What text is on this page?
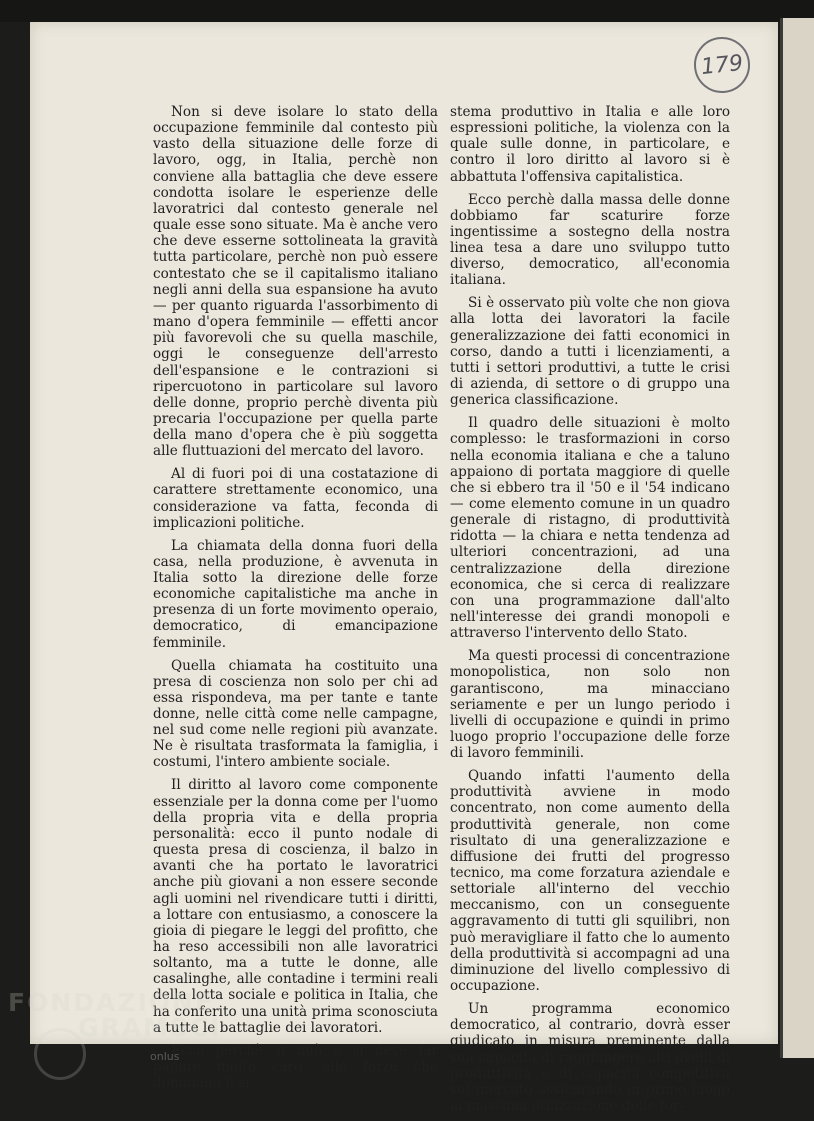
179

Non si deve isolare lo stato della occupazione femminile dal contesto più vasto della situazione delle forze di lavoro, ogg, in Italia, perchè non conviene alla battaglia che deve essere condotta isolare le esperienze delle lavoratrici dal contesto generale nel quale esse sono situate. Ma è anche vero che deve esserne sottolineata la gravità tutta particolare, perchè non può essere contestato che se il capitalismo italiano negli anni della sua espansione ha avuto — per quanto riguarda l'assorbimento di mano d'opera femminile — effetti ancor più favorevoli che su quella maschile, oggi le conseguenze dell'arresto dell'espansione e le contrazioni si ripercuotono in particolare sul lavoro delle donne, proprio perchè diventa più precaria l'occupazione per quella parte della mano d'opera che è più soggetta alle fluttuazioni del mercato del lavoro.

Al di fuori poi di una costatazione di carattere strettamente economico, una considerazione va fatta, feconda di implicazioni politiche.

La chiamata della donna fuori della casa, nella produzione, è avvenuta in Italia sotto la direzione delle forze economiche capitalistiche ma anche in presenza di un forte movimento operaio, democratico, di emancipazione femminile.

Quella chiamata ha costituito una presa di coscienza non solo per chi ad essa rispondeva, ma per tante e tante donne, nelle città come nelle campagne, nel sud come nelle regioni più avanzate. Ne è risultata trasformata la famiglia, i costumi, l'intero ambiente sociale.

Il diritto al lavoro come componente essenziale per la donna come per l'uomo della propria vita e della propria personalità: ecco il punto nodale di questa presa di coscienza, il balzo in avanti che ha portato le lavoratrici anche più giovani a non essere seconde agli uomini nel rivendicare tutti i diritti, a lottare con entusiasmo, a conoscere la gioia di piegare le leggi del profitto, che ha reso accessibili non alle lavoratrici soltanto, ma a tutte le donne, alle casalinghe, alle contadine i termini reali della lotta sociale e politica in Italia, che ha conferito una unità prima sconosciuta a tutte le battaglie dei lavoratori.

Ecco perchè si può e si deve far pagare molto caro, alle forze che dominano il si-

stema produttivo in Italia e alle loro espressioni politiche, la violenza con la quale sulle donne, in particolare, e contro il loro diritto al lavoro si è abbattuta l'offensiva capitalistica.

Ecco perchè dalla massa delle donne dobbiamo far scaturire forze ingentissime a sostegno della nostra linea tesa a dare uno sviluppo tutto diverso, democratico, all'economia italiana.

Si è osservato più volte che non giova alla lotta dei lavoratori la facile generalizzazione dei fatti economici in corso, dando a tutti i licenziamenti, a tutti i settori produttivi, a tutte le crisi di azienda, di settore o di gruppo una generica classificazione.

Il quadro delle situazioni è molto complesso: le trasformazioni in corso nella economia italiana e che a taluno appaiono di portata maggiore di quelle che si ebbero tra il '50 e il '54 indicano — come elemento comune in un quadro generale di ristagno, di produttività ridotta — la chiara e netta tendenza ad ulteriori concentrazioni, ad una centralizzazione della direzione economica, che si cerca di realizzare con una programmazione dall'alto nell'interesse dei grandi monopoli e attraverso l'intervento dello Stato.

Ma questi processi di concentrazione monopolistica, non solo non garantiscono, ma minacciano seriamente e per un lungo periodo i livelli di occupazione e quindi in primo luogo proprio l'occupazione delle forze di lavoro femminili.

Quando infatti l'aumento della produttività avviene in modo concentrato, non come aumento della produttività generale, non come risultato di una generalizzazione e diffusione dei frutti del progresso tecnico, ma come forzatura aziendale e settoriale all'interno del vecchio meccanismo, con un conseguente aggravamento di tutti gli squilibri, non può meravigliare il fatto che lo aumento della produttività si accompagni ad una diminuzione del livello complessivo di occupazione.

Un programma economico democratico, al contrario, dovrà esser giudicato in misura preminente dalla sua capacità di raggiungere alti livelli di produttività e di capacità competitiva sul mercato assicurando in primo luogo la massima utilizzazione delle for-

FONDAZIONE
GRAMSCI
onlus
